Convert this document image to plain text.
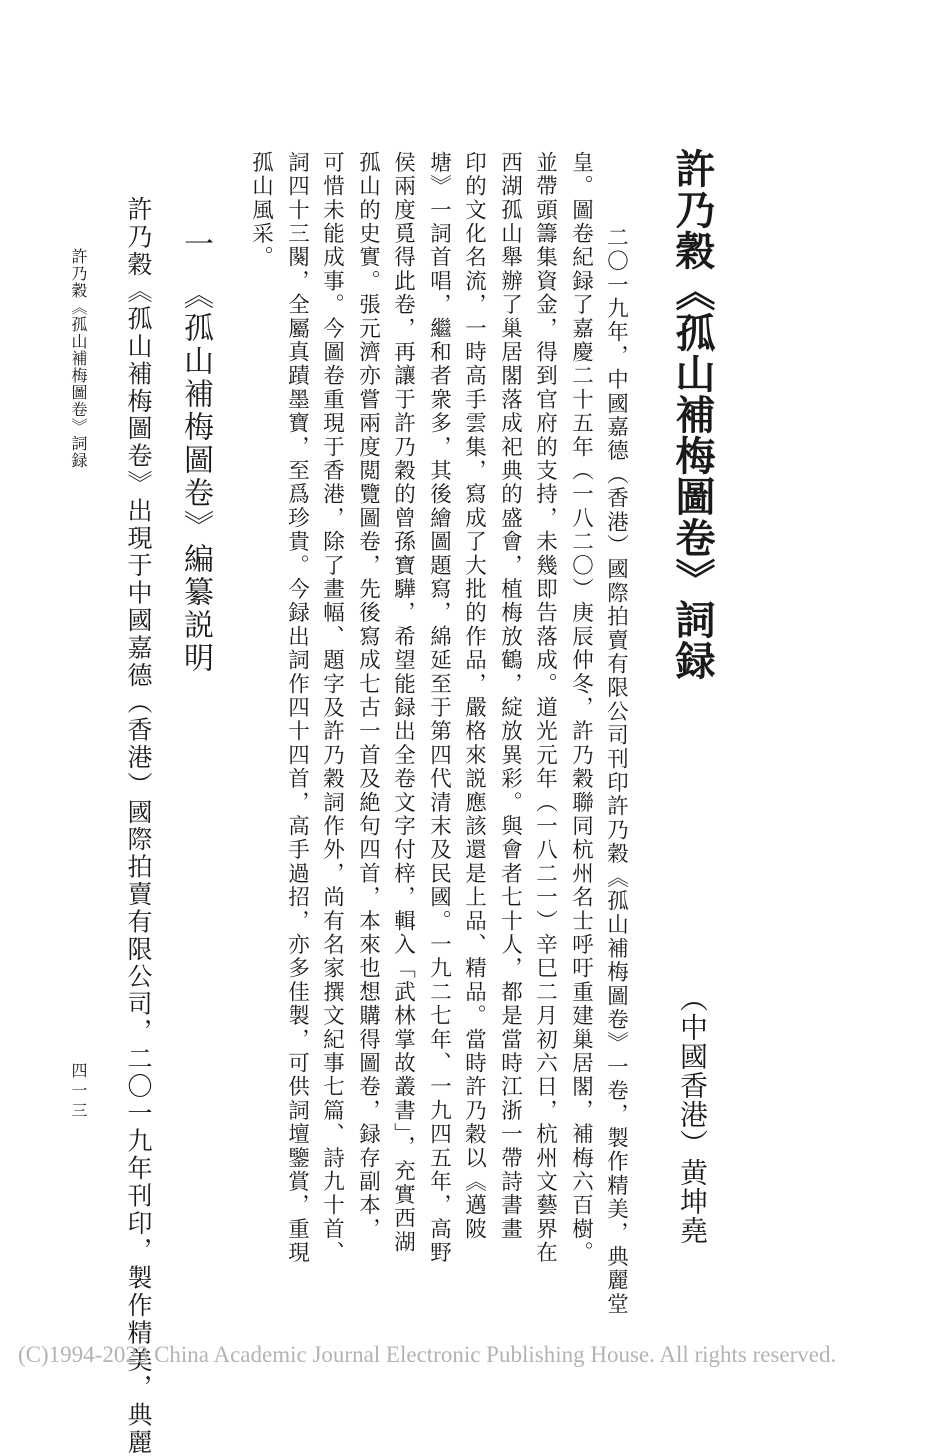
許乃穀《孤山補梅圖卷》詞録
（中國香港）黄坤堯
二〇一九年，中國嘉德（香港）國際拍賣有限公司刊印許乃穀《孤山補梅圖卷》一卷，製作精美，典麗堂
皇。圖卷紀録了嘉慶二十五年（一八二〇）庚辰仲冬，許乃穀聯同杭州名士呼吁重建巢居閣，補梅六百樹。
並帶頭籌集資金，得到官府的支持，未幾即告落成。道光元年（一八二一）辛巳二月初六日，杭州文藝界在
西湖孤山舉辦了巢居閣落成祀典的盛會，植梅放鶴，綻放異彩。與會者七十人，都是當時江浙一帶詩書畫
印的文化名流，一時高手雲集，寫成了大批的作品，嚴格來説應該還是上品、精品。當時許乃穀以《邁陂
塘》一詞首唱，繼和者衆多，其後繪圖題寫，綿延至于第四代清末及民國。一九二七年、一九四五年，高野
侯兩度覓得此卷，再讓于許乃穀的曾孫寶驊，希望能録出全卷文字付梓，輯入「武林掌故叢書」，充實西湖
孤山的史實。張元濟亦嘗兩度閲覽圖卷，先後寫成七古一首及絶句四首，本來也想購得圖卷，録存副本，
可惜未能成事。今圖卷重現于香港，除了畫幅、題字及許乃穀詞作外，尚有名家撰文紀事七篇、詩九十首、
詞四十三闋，全屬真蹟墨寶，至爲珍貴。今録出詞作四十四首，高手過招，亦多佳製，可供詞壇鑒賞，重現
孤山風采。
一　《孤山補梅圖卷》編纂説明
許乃穀《孤山補梅圖卷》出現于中國嘉德（香港）國際拍賣有限公司，二〇一九年刊印，製作精美，典麗
許乃穀《孤山補梅圖卷》詞録
四一三
(C)1994-2023 China Academic Journal Electronic Publishing House. All rights reserved.
